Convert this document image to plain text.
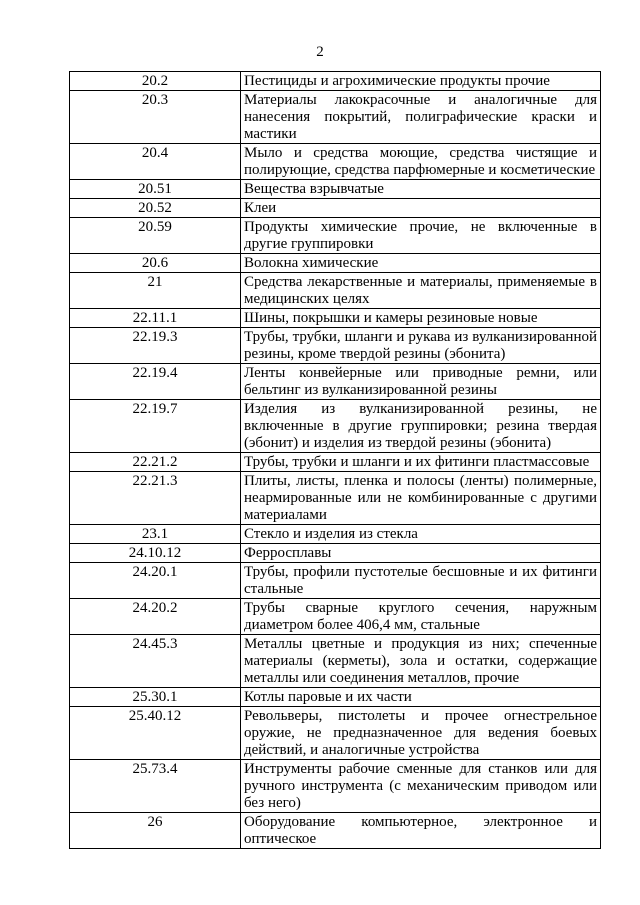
2
20.2	Пестициды и агрохимические продукты прочие
20.3	Материалы лакокрасочные и аналогичные для нанесения покрытий, полиграфические краски и мастики
20.4	Мыло и средства моющие, средства чистящие и полирующие, средства парфюмерные и косметические
20.51	Вещества взрывчатые
20.52	Клеи
20.59	Продукты химические прочие, не включенные в другие группировки
20.6	Волокна химические
21	Средства лекарственные и материалы, применяемые в медицинских целях
22.11.1	Шины, покрышки и камеры резиновые новые
22.19.3	Трубы, трубки, шланги и рукава из вулканизированной резины, кроме твердой резины (эбонита)
22.19.4	Ленты конвейерные или приводные ремни, или бельтинг из вулканизированной резины
22.19.7	Изделия из вулканизированной резины, не включенные в другие группировки; резина твердая (эбонит) и изделия из твердой резины (эбонита)
22.21.2	Трубы, трубки и шланги и их фитинги пластмассовые
22.21.3	Плиты, листы, пленка и полосы (ленты) полимерные, неармированные или не комбинированные с другими материалами
23.1	Стекло и изделия из стекла
24.10.12	Ферросплавы
24.20.1	Трубы, профили пустотелые бесшовные и их фитинги стальные
24.20.2	Трубы сварные круглого сечения, наружным диаметром более 406,4 мм, стальные
24.45.3	Металлы цветные и продукция из них; спеченные материалы (керметы), зола и остатки, содержащие металлы или соединения металлов, прочие
25.30.1	Котлы паровые и их части
25.40.12	Револьверы, пистолеты и прочее огнестрельное оружие, не предназначенное для ведения боевых действий, и аналогичные устройства
25.73.4	Инструменты рабочие сменные для станков или для ручного инструмента (с механическим приводом или без него)
26	Оборудование компьютерное, электронное и оптическое
